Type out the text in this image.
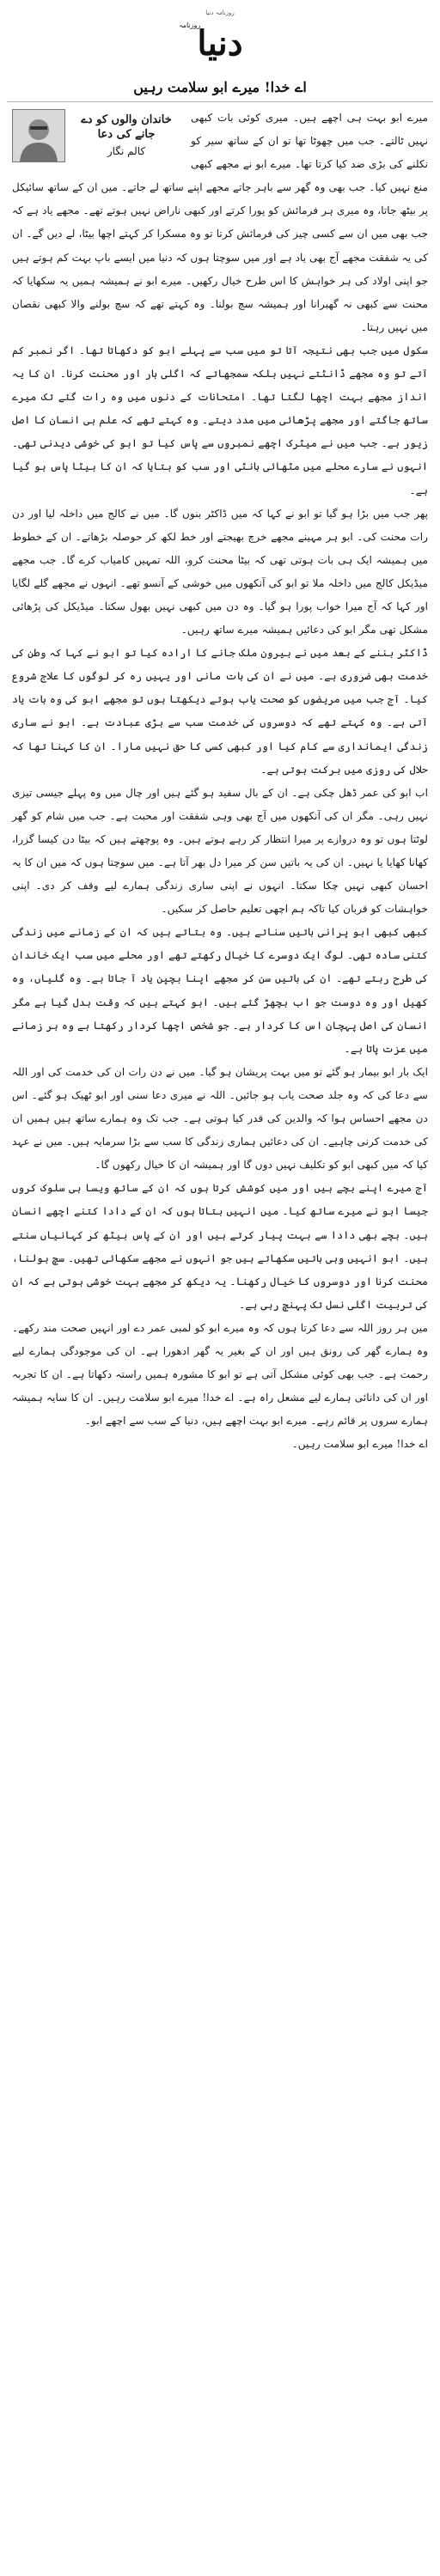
روزنامہ دنیا
روزنامہ
دنیا
اے خدا! میرے ابو سلامت رہیں
خاندان والوں کو دے جانے کی دعا
کالم نگار

میرے ابو بہت ہی اچھے ہیں۔ میری کوئی بات کبھی نہیں ٹالتے۔ جب میں چھوٹا تھا تو ان کے ساتھ سیر کو نکلنے کی بڑی ضد کیا کرتا تھا۔ میرے ابو نے مجھے کبھی منع نہیں کیا۔ جب بھی وہ گھر سے باہر جاتے مجھے اپنے ساتھ لے جاتے۔ میں ان کے ساتھ سائیکل پر بیٹھ جاتا، وہ میری ہر فرمائش کو پورا کرتے اور کبھی ناراض نہیں ہوتے تھے۔ مجھے یاد ہے کہ جب بھی میں ان سے کسی چیز کی فرمائش کرتا تو وہ مسکرا کر کہتے اچھا بیٹا، لے دیں گے۔ ان کی یہ شفقت مجھے آج بھی یاد ہے اور میں سوچتا ہوں کہ دنیا میں ایسے باپ بہت کم ہوتے ہیں جو اپنی اولاد کی ہر خواہش کا اس طرح خیال رکھیں۔ میرے ابو نے ہمیشہ ہمیں یہ سکھایا کہ محنت سے کبھی نہ گھبرانا اور ہمیشہ سچ بولنا۔ وہ کہتے تھے کہ سچ بولنے والا کبھی نقصان میں نہیں رہتا۔

سکول میں جب بھی نتیجہ آتا تو میں سب سے پہلے ابو کو دکھاتا تھا۔ اگر نمبر کم آتے تو وہ مجھے ڈانٹتے نہیں بلکہ سمجھاتے کہ اگلی بار اور محنت کرنا۔ ان کا یہ انداز مجھے بہت اچھا لگتا تھا۔ امتحانات کے دنوں میں وہ رات گئے تک میرے ساتھ جاگتے اور مجھے پڑھائی میں مدد دیتے۔ وہ کہتے تھے کہ علم ہی انسان کا اصل زیور ہے۔ جب میں نے میٹرک اچھے نمبروں سے پاس کیا تو ابو کی خوشی دیدنی تھی۔ انہوں نے سارے محلے میں مٹھائی بانٹی اور سب کو بتایا کہ ان کا بیٹا پاس ہو گیا ہے۔

پھر جب میں بڑا ہو گیا تو ابو نے کہا کہ میں ڈاکٹر بنوں گا۔ میں نے کالج میں داخلہ لیا اور دن رات محنت کی۔ ابو ہر مہینے مجھے خرچ بھیجتے اور خط لکھ کر حوصلہ بڑھاتے۔ ان کے خطوط میں ہمیشہ ایک ہی بات ہوتی تھی کہ بیٹا محنت کرو، اللہ تمہیں کامیاب کرے گا۔ جب مجھے میڈیکل کالج میں داخلہ ملا تو ابو کی آنکھوں میں خوشی کے آنسو تھے۔ انہوں نے مجھے گلے لگایا اور کہا کہ آج میرا خواب پورا ہو گیا۔ وہ دن میں کبھی نہیں بھول سکتا۔ میڈیکل کی پڑھائی مشکل تھی مگر ابو کی دعائیں ہمیشہ میرے ساتھ رہیں۔

ڈاکٹر بننے کے بعد میں نے بیرون ملک جانے کا ارادہ کیا تو ابو نے کہا کہ وطن کی خدمت بھی ضروری ہے۔ میں نے ان کی بات مانی اور یہیں رہ کر لوگوں کا علاج شروع کیا۔ آج جب میں مریضوں کو صحت یاب ہوتے دیکھتا ہوں تو مجھے ابو کی وہ بات یاد آتی ہے۔ وہ کہتے تھے کہ دوسروں کی خدمت سب سے بڑی عبادت ہے۔ ابو نے ساری زندگی ایمانداری سے کام کیا اور کبھی کسی کا حق نہیں مارا۔ ان کا کہنا تھا کہ حلال کی روزی میں برکت ہوتی ہے۔

اب ابو کی عمر ڈھل چکی ہے۔ ان کے بال سفید ہو گئے ہیں اور چال میں وہ پہلے جیسی تیزی نہیں رہی۔ مگر ان کی آنکھوں میں آج بھی وہی شفقت اور محبت ہے۔ جب میں شام کو گھر لوٹتا ہوں تو وہ دروازے پر میرا انتظار کر رہے ہوتے ہیں۔ وہ پوچھتے ہیں کہ بیٹا دن کیسا گزرا، کھانا کھایا یا نہیں۔ ان کی یہ باتیں سن کر میرا دل بھر آتا ہے۔ میں سوچتا ہوں کہ میں ان کا یہ احسان کبھی نہیں چکا سکتا۔ انہوں نے اپنی ساری زندگی ہمارے لیے وقف کر دی۔ اپنی خواہشات کو قربان کیا تاکہ ہم اچھی تعلیم حاصل کر سکیں۔

کبھی کبھی ابو پرانی باتیں سناتے ہیں۔ وہ بتاتے ہیں کہ ان کے زمانے میں زندگی کتنی سادہ تھی۔ لوگ ایک دوسرے کا خیال رکھتے تھے اور محلے میں سب ایک خاندان کی طرح رہتے تھے۔ ان کی باتیں سن کر مجھے اپنا بچپن یاد آ جاتا ہے۔ وہ گلیاں، وہ کھیل اور وہ دوست جو اب بچھڑ گئے ہیں۔ ابو کہتے ہیں کہ وقت بدل گیا ہے مگر انسان کی اصل پہچان اس کا کردار ہے۔ جو شخص اچھا کردار رکھتا ہے وہ ہر زمانے میں عزت پاتا ہے۔

ایک بار ابو بیمار ہو گئے تو میں بہت پریشان ہو گیا۔ میں نے دن رات ان کی خدمت کی اور اللہ سے دعا کی کہ وہ جلد صحت یاب ہو جائیں۔ اللہ نے میری دعا سنی اور ابو ٹھیک ہو گئے۔ اس دن مجھے احساس ہوا کہ والدین کی قدر کیا ہوتی ہے۔ جب تک وہ ہمارے ساتھ ہیں ہمیں ان کی خدمت کرنی چاہیے۔ ان کی دعائیں ہماری زندگی کا سب سے بڑا سرمایہ ہیں۔ میں نے عہد کیا کہ میں کبھی ابو کو تکلیف نہیں دوں گا اور ہمیشہ ان کا خیال رکھوں گا۔

آج میرے اپنے بچے ہیں اور میں کوشش کرتا ہوں کہ ان کے ساتھ ویسا ہی سلوک کروں جیسا ابو نے میرے ساتھ کیا۔ میں انہیں بتاتا ہوں کہ ان کے دادا کتنے اچھے انسان ہیں۔ بچے بھی دادا سے بہت پیار کرتے ہیں اور ان کے پاس بیٹھ کر کہانیاں سنتے ہیں۔ ابو انہیں وہی باتیں سکھاتے ہیں جو انہوں نے مجھے سکھائی تھیں۔ سچ بولنا، محنت کرنا اور دوسروں کا خیال رکھنا۔ یہ دیکھ کر مجھے بہت خوشی ہوتی ہے کہ ان کی تربیت اگلی نسل تک پہنچ رہی ہے۔

میں ہر روز اللہ سے دعا کرتا ہوں کہ وہ میرے ابو کو لمبی عمر دے اور انہیں صحت مند رکھے۔ وہ ہمارے گھر کی رونق ہیں اور ان کے بغیر یہ گھر ادھورا ہے۔ ان کی موجودگی ہمارے لیے رحمت ہے۔ جب بھی کوئی مشکل آتی ہے تو ابو کا مشورہ ہمیں راستہ دکھاتا ہے۔ ان کا تجربہ اور ان کی دانائی ہمارے لیے مشعل راہ ہے۔ اے خدا! میرے ابو سلامت رہیں۔ ان کا سایہ ہمیشہ ہمارے سروں پر قائم رہے۔ میرے ابو بہت اچھے ہیں، دنیا کے سب سے اچھے ابو۔

اے خدا! میرے ابو سلامت رہیں۔
